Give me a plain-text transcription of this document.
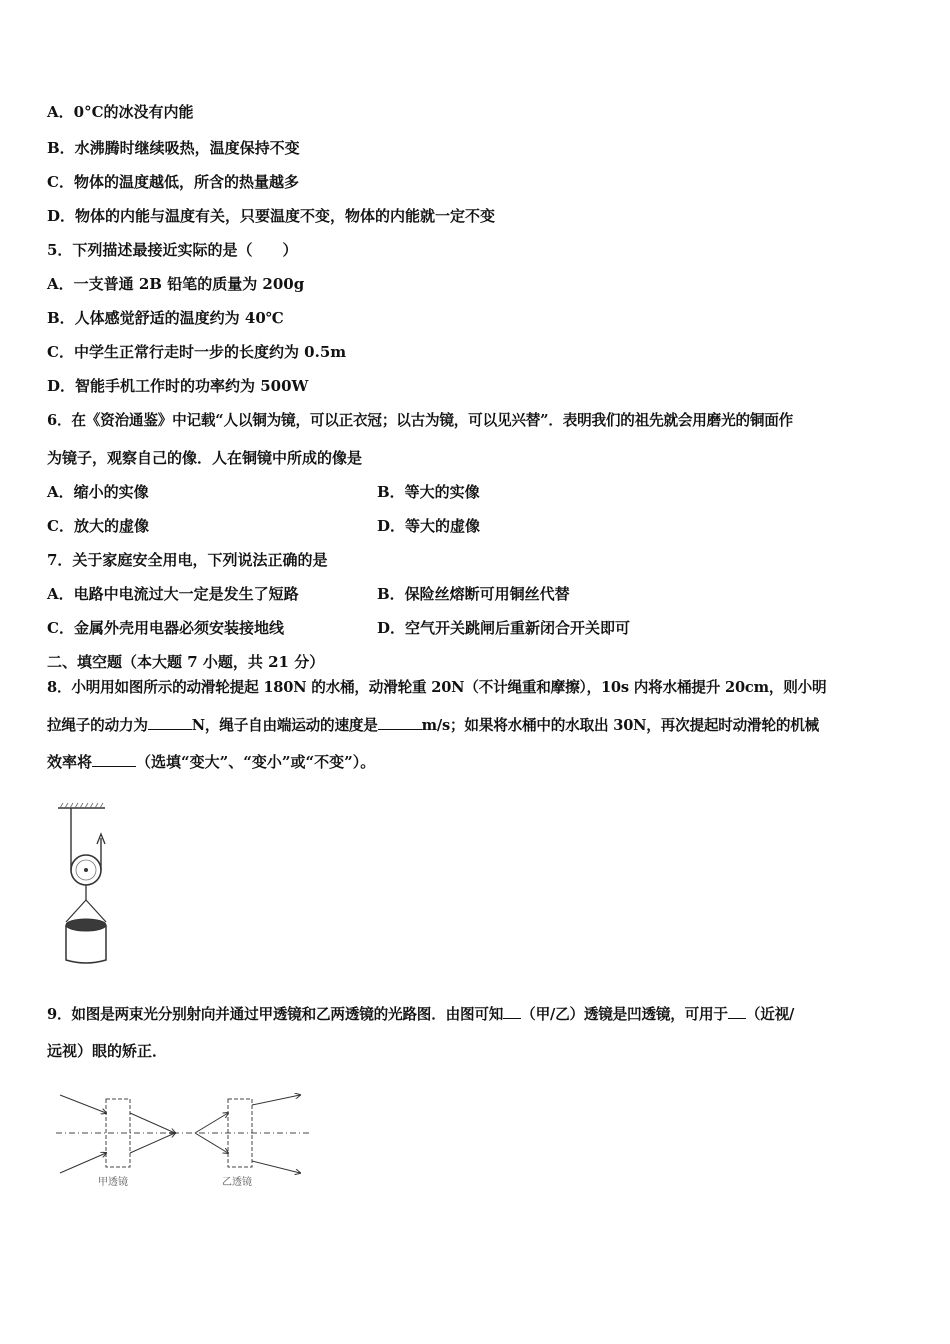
A．0°C的冰没有内能
B．水沸腾时继续吸热，温度保持不变
C．物体的温度越低，所含的热量越多
D．物体的内能与温度有关，只要温度不变，物体的内能就一定不变
5．下列描述最接近实际的是（　　）
A．一支普通 2B 铅笔的质量为 200g
B．人体感觉舒适的温度约为 40℃
C．中学生正常行走时一步的长度约为 0.5m
D．智能手机工作时的功率约为 500W
6．在《资治通鉴》中记载“人以铜为镜，可以正衣冠；以古为镜，可以见兴替”．表明我们的祖先就会用磨光的铜面作
为镜子，观察自己的像．人在铜镜中所成的像是
A．缩小的实像	B．等大的实像
C．放大的虚像	D．等大的虚像
7．关于家庭安全用电，下列说法正确的是
A．电路中电流过大一定是发生了短路	B．保险丝熔断可用铜丝代替
C．金属外壳用电器必须安装接地线	D．空气开关跳闸后重新闭合开关即可
二、填空题（本大题 7 小题，共 21 分）
8．小明用如图所示的动滑轮提起 180N 的水桶，动滑轮重 20N（不计绳重和摩擦），10s 内将水桶提升 20cm，则小明
拉绳子的动力为	N，绳子自由端运动的速度是	m/s；如果将水桶中的水取出 30N，再次提起时动滑轮的机械
效率将	（选填“变大”、“变小”或“不变”）。
9．如图是两束光分别射向并通过甲透镜和乙两透镜的光路图．由图可知 （甲/乙）透镜是凹透镜，可用于 （近视/
远视）眼的矫正．
甲透镜	乙透镜
